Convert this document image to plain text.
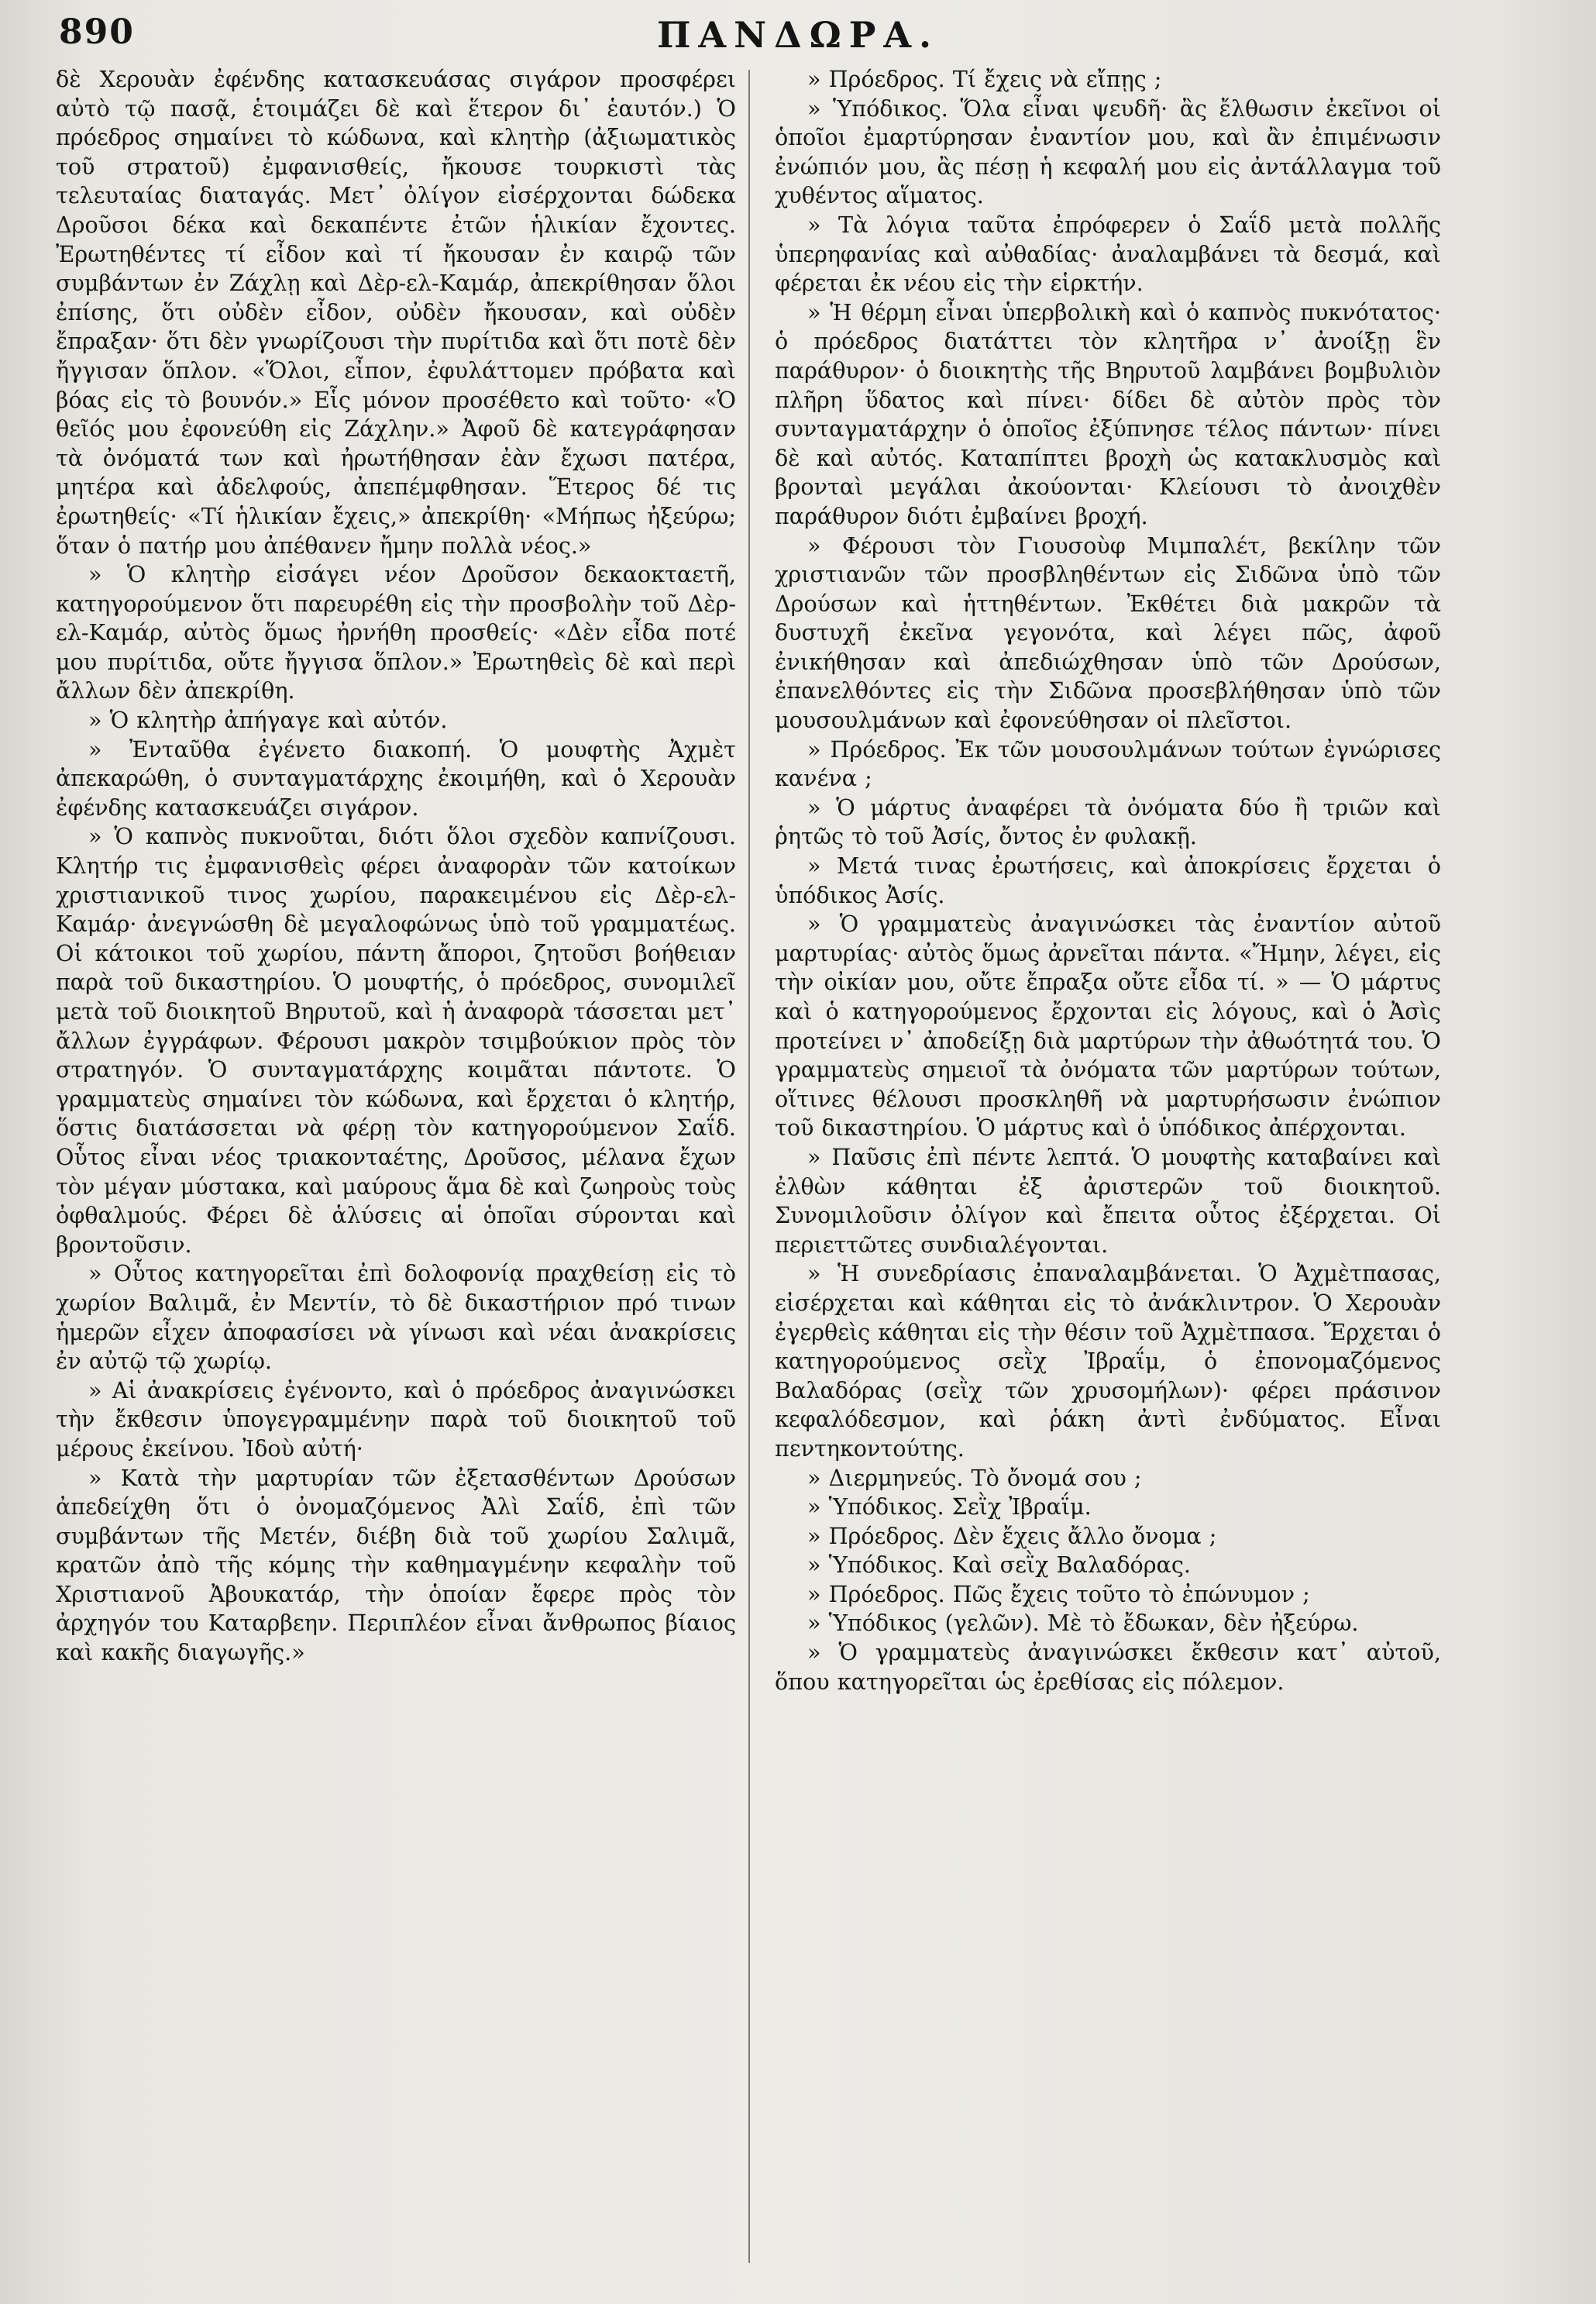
890	ΠΑΝΔΩΡΑ.

δὲ Χερουὰν ἐφένδης κατασκευάσας σιγάρον προσφέρει αὐτὸ τῷ πασᾷ, ἑτοιμάζει δὲ καὶ ἕτερον δι᾽ ἑαυτόν.) Ὁ πρόεδρος σημαίνει τὸ κώδωνα, καὶ κλητὴρ (ἀξιωματικὸς τοῦ στρατοῦ) ἐμφανισθείς, ἤκουσε τουρκιστὶ τὰς τελευταίας διαταγάς. Μετ᾽ ὀλίγον εἰσέρχονται δώδεκα Δροῦσοι δέκα καὶ δεκαπέντε ἐτῶν ἡλικίαν ἔχοντες. Ἐρωτηθέντες τί εἶδον καὶ τί ἤκουσαν ἐν καιρῷ τῶν συμβάντων ἐν Ζάχλῃ καὶ Δὲρ-ελ-Καμάρ, ἀπεκρίθησαν ὅλοι ἐπίσης, ὅτι οὐδὲν εἶδον, οὐδὲν ἤκουσαν, καὶ οὐδὲν ἔπραξαν· ὅτι δὲν γνωρίζουσι τὴν πυρίτιδα καὶ ὅτι ποτὲ δὲν ἤγγισαν ὅπλον. «Ὅλοι, εἶπον, ἐφυλάττομεν πρόβατα καὶ βόας εἰς τὸ βουνόν.» Εἷς μόνον προσέθετο καὶ τοῦτο· «Ὁ θεῖός μου ἐφονεύθη εἰς Ζάχλην.» Ἀφοῦ δὲ κατεγράφησαν τὰ ὀνόματά των καὶ ἠρωτήθησαν ἐὰν ἔχωσι πατέρα, μητέρα καὶ ἀδελφούς, ἀπεπέμφθησαν. Ἕτερος δέ τις ἐρωτηθείς· «Τί ἡλικίαν ἔχεις,» ἀπεκρίθη· «Μήπως ἠξεύρω; ὅταν ὁ πατήρ μου ἀπέθανεν ἤμην πολλὰ νέος.»

» Ὁ κλητὴρ εἰσάγει νέον Δροῦσον δεκαοκταετῆ, κατηγορούμενον ὅτι παρευρέθη εἰς τὴν προσβολὴν τοῦ Δὲρ-ελ-Καμάρ, αὐτὸς ὅμως ἠρνήθη προσθείς· «Δὲν εἶδα ποτέ μου πυρίτιδα, οὔτε ἤγγισα ὅπλον.» Ἐρωτηθεὶς δὲ καὶ περὶ ἄλλων δὲν ἀπεκρίθη.

» Ὁ κλητὴρ ἀπήγαγε καὶ αὐτόν.

» Ἐνταῦθα ἐγένετο διακοπή. Ὁ μουφτὴς Ἀχμὲτ ἀπεκαρώθη, ὁ συνταγματάρχης ἐκοιμήθη, καὶ ὁ Χερουὰν ἐφένδης κατασκευάζει σιγάρον.

» Ὁ καπνὸς πυκνοῦται, διότι ὅλοι σχεδὸν καπνίζουσι. Κλητήρ τις ἐμφανισθεὶς φέρει ἀναφορὰν τῶν κατοίκων χριστιανικοῦ τινος χωρίου, παρακειμένου εἰς Δὲρ-ελ-Καμάρ· ἀνεγνώσθη δὲ μεγαλοφώνως ὑπὸ τοῦ γραμματέως. Οἱ κάτοικοι τοῦ χωρίου, πάντη ἄποροι, ζητοῦσι βοήθειαν παρὰ τοῦ δικαστηρίου. Ὁ μουφτής, ὁ πρόεδρος, συνομιλεῖ μετὰ τοῦ διοικητοῦ Βηρυτοῦ, καὶ ἡ ἀναφορὰ τάσσεται μετ᾽ ἄλλων ἐγγράφων. Φέρουσι μακρὸν τσιμβούκιον πρὸς τὸν στρατηγόν. Ὁ συνταγματάρχης κοιμᾶται πάντοτε. Ὁ γραμματεὺς σημαίνει τὸν κώδωνα, καὶ ἔρχεται ὁ κλητήρ, ὅστις διατάσσεται νὰ φέρῃ τὸν κατηγορούμενον Σαΐδ. Οὗτος εἶναι νέος τριακονταέτης, Δροῦσος, μέλανα ἔχων τὸν μέγαν μύστακα, καὶ μαύρους ἅμα δὲ καὶ ζωηροὺς τοὺς ὀφθαλμούς. Φέρει δὲ ἁλύσεις αἱ ὁποῖαι σύρονται καὶ βροντοῦσιν.

» Οὗτος κατηγορεῖται ἐπὶ δολοφονίᾳ πραχθείσῃ εἰς τὸ χωρίον Βαλιμᾶ, ἐν Μεντίν, τὸ δὲ δικαστήριον πρό τινων ἡμερῶν εἶχεν ἀποφασίσει νὰ γίνωσι καὶ νέαι ἀνακρίσεις ἐν αὐτῷ τῷ χωρίῳ.

» Αἱ ἀνακρίσεις ἐγένοντο, καὶ ὁ πρόεδρος ἀναγινώσκει τὴν ἔκθεσιν ὑπογεγραμμένην παρὰ τοῦ διοικητοῦ τοῦ μέρους ἐκείνου. Ἰδοὺ αὐτή·

» Κατὰ τὴν μαρτυρίαν τῶν ἐξετασθέντων Δρούσων ἀπεδείχθη ὅτι ὁ ὀνομαζόμενος Ἀλὶ Σαΐδ, ἐπὶ τῶν συμβάντων τῆς Μετέν, διέβη διὰ τοῦ χωρίου Σαλιμᾶ, κρατῶν ἀπὸ τῆς κόμης τὴν καθημαγμένην κεφαλὴν τοῦ Χριστιανοῦ Ἀβουκατάρ, τὴν ὁποίαν ἔφερε πρὸς τὸν ἀρχηγόν του Καταρβεην. Περιπλέον εἶναι ἄνθρωπος βίαιος καὶ κακῆς διαγωγῆς.»

» Πρόεδρος. Τί ἔχεις νὰ εἴπῃς ;

» Ὑπόδικος. Ὅλα εἶναι ψευδῆ· ἂς ἔλθωσιν ἐκεῖνοι οἱ ὁποῖοι ἐμαρτύρησαν ἐναντίον μου, καὶ ἂν ἐπιμένωσιν ἐνώπιόν μου, ἂς πέσῃ ἡ κεφαλή μου εἰς ἀντάλλαγμα τοῦ χυθέντος αἵματος.

» Τὰ λόγια ταῦτα ἐπρόφερεν ὁ Σαΐδ μετὰ πολλῆς ὑπερηφανίας καὶ αὐθαδίας· ἀναλαμβάνει τὰ δεσμά, καὶ φέρεται ἐκ νέου εἰς τὴν εἱρκτήν.

» Ἡ θέρμη εἶναι ὑπερβολικὴ καὶ ὁ καπνὸς πυκνότατος· ὁ πρόεδρος διατάττει τὸν κλητῆρα ν᾽ ἀνοίξῃ ἓν παράθυρον· ὁ διοικητὴς τῆς Βηρυτοῦ λαμβάνει βομβυλιὸν πλῆρη ὕδατος καὶ πίνει· δίδει δὲ αὐτὸν πρὸς τὸν συνταγματάρχην ὁ ὁποῖος ἐξύπνησε τέλος πάντων· πίνει δὲ καὶ αὐτός. Καταπίπτει βροχὴ ὡς κατακλυσμὸς καὶ βρονταὶ μεγάλαι ἀκούονται· Κλείουσι τὸ ἀνοιχθὲν παράθυρον διότι ἐμβαίνει βροχή.

» Φέρουσι τὸν Γιουσοὺφ Μιμπαλέτ, βεκίλην τῶν χριστιανῶν τῶν προσβληθέντων εἰς Σιδῶνα ὑπὸ τῶν Δρούσων καὶ ἡττηθέντων. Ἐκθέτει διὰ μακρῶν τὰ δυστυχῆ ἐκεῖνα γεγονότα, καὶ λέγει πῶς, ἀφοῦ ἐνικήθησαν καὶ ἀπεδιώχθησαν ὑπὸ τῶν Δρούσων, ἐπανελθόντες εἰς τὴν Σιδῶνα προσεβλήθησαν ὑπὸ τῶν μουσουλμάνων καὶ ἐφονεύθησαν οἱ πλεῖστοι.

» Πρόεδρος. Ἐκ τῶν μουσουλμάνων τούτων ἐγνώρισες κανένα ;

» Ὁ μάρτυς ἀναφέρει τὰ ὀνόματα δύο ἢ τριῶν καὶ ῥητῶς τὸ τοῦ Ἀσίς, ὄντος ἐν φυλακῇ.

» Μετά τινας ἐρωτήσεις, καὶ ἀποκρίσεις ἔρχεται ὁ ὑπόδικος Ἀσίς.

» Ὁ γραμματεὺς ἀναγινώσκει τὰς ἐναντίον αὐτοῦ μαρτυρίας· αὐτὸς ὅμως ἀρνεῖται πάντα. «Ἤμην, λέγει, εἰς τὴν οἰκίαν μου, οὔτε ἔπραξα οὔτε εἶδα τί. » — Ὁ μάρτυς καὶ ὁ κατηγορούμενος ἔρχονται εἰς λόγους, καὶ ὁ Ἀσὶς προτείνει ν᾽ ἀποδείξῃ διὰ μαρτύρων τὴν ἀθωότητά του. Ὁ γραμματεὺς σημειοῖ τὰ ὀνόματα τῶν μαρτύρων τούτων, οἵτινες θέλουσι προσκληθῆ νὰ μαρτυρήσωσιν ἐνώπιον τοῦ δικαστηρίου. Ὁ μάρτυς καὶ ὁ ὑπόδικος ἀπέρχονται.

» Παῦσις ἐπὶ πέντε λεπτά. Ὁ μουφτὴς καταβαίνει καὶ ἐλθὼν κάθηται ἐξ ἀριστερῶν τοῦ διοικητοῦ. Συνομιλοῦσιν ὀλίγον καὶ ἔπειτα οὗτος ἐξέρχεται. Οἱ περιεττῶτες συνδιαλέγονται.

» Ἡ συνεδρίασις ἐπαναλαμβάνεται. Ὁ Ἀχμὲτπασας, εἰσέρχεται καὶ κάθηται εἰς τὸ ἀνάκλιντρον. Ὁ Χερουὰν ἐγερθεὶς κάθηται εἰς τὴν θέσιν τοῦ Ἀχμὲτπασα. Ἔρχεται ὁ κατηγορούμενος σεῒχ Ἰβραΐμ, ὁ ἐπονομαζόμενος Βαλαδόρας (σεῒχ τῶν χρυσομήλων)· φέρει πράσινον κεφαλόδεσμον, καὶ ῥάκη ἀντὶ ἐνδύματος. Εἶναι πεντηκοντούτης.

» Διερμηνεύς. Τὸ ὄνομά σου ;

» Ὑπόδικος. Σεῒχ Ἰβραΐμ.

» Πρόεδρος. Δὲν ἔχεις ἄλλο ὄνομα ;

» Ὑπόδικος. Καὶ σεῒχ Βαλαδόρας.

» Πρόεδρος. Πῶς ἔχεις τοῦτο τὸ ἐπώνυμον ;

» Ὑπόδικος (γελῶν). Μὲ τὸ ἔδωκαν, δὲν ἠξεύρω.

» Ὁ γραμματεὺς ἀναγινώσκει ἔκθεσιν κατ᾽ αὐτοῦ, ὅπου κατηγορεῖται ὡς ἐρεθίσας εἰς πόλεμον.
